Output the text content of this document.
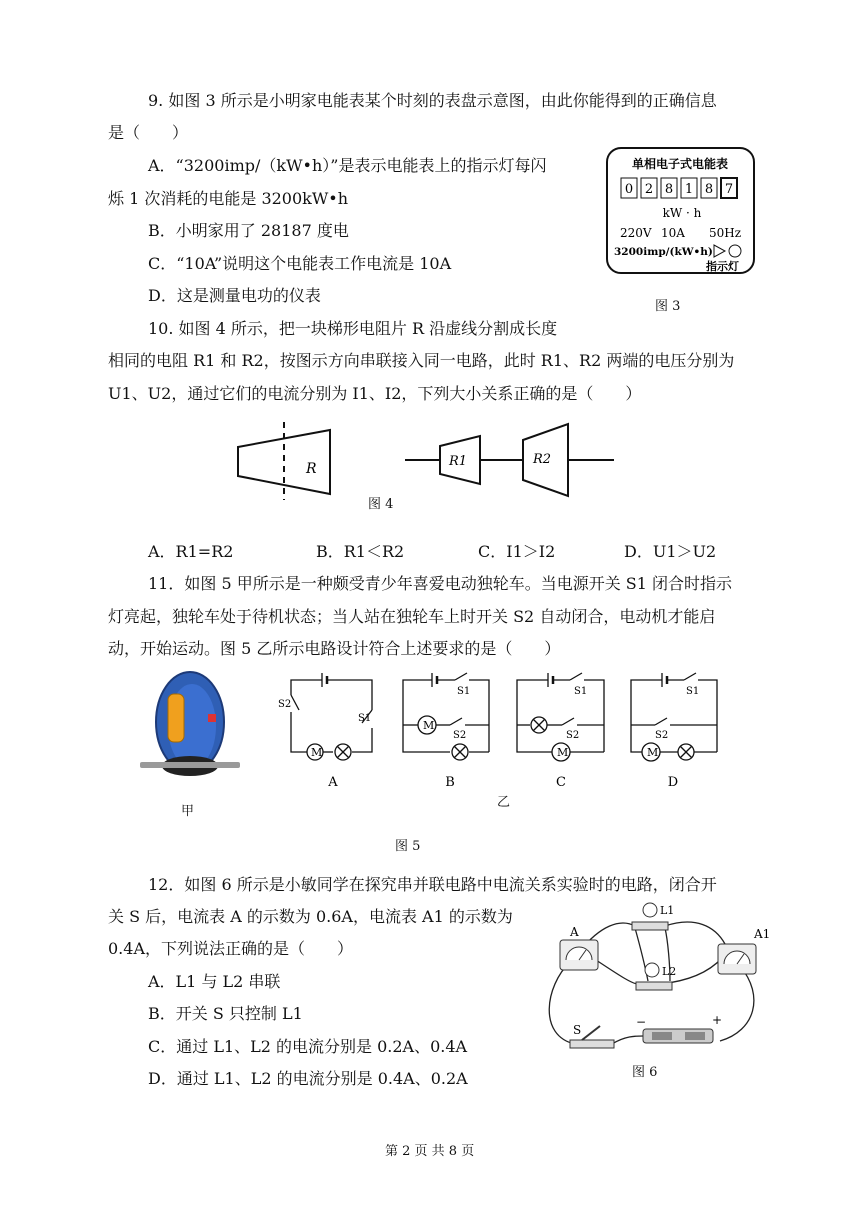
9. 如图 3 所示是小明家电能表某个时刻的表盘示意图，由此你能得到的正确信息
是（　　）
A．“3200imp/（kW•h）”是表示电能表上的指示灯每闪
烁 1 次消耗的电能是 3200kW•h
B．小明家用了 28187 度电
C．“10A”说明这个电能表工作电流是 10A
D．这是测量电功的仪表
单相电子式电能表
0 2 8 1 8 7
kW · h
220V 10A 50Hz
3200imp/(kW•h)
指示灯
图 3
10. 如图 4 所示，把一块梯形电阻片 R 沿虚线分割成长度
相同的电阻 R1 和 R2，按图示方向串联接入同一电路，此时 R1、R2 两端的电压分别为
U1、U2，通过它们的电流分别为 I1、I2，下列大小关系正确的是（　　）
R	R1	R2
图 4
A．R1=R2	B．R1＜R2	C．I1＞I2	D．U1＞U2
11．如图 5 甲所示是一种颇受青少年喜爱电动独轮车。当电源开关 S1 闭合时指示
灯亮起，独轮车处于待机状态；当人站在独轮车上时开关 S2 自动闭合，电动机才能启
动，开始运动。图 5 乙所示电路设计符合上述要求的是（　　）
甲
M
M
M	M
S2
S1
S1
S2
S1
S2
S1
S2
A	B	C	D
乙
图 5
12．如图 6 所示是小敏同学在探究串并联电路中电流关系实验时的电路，闭合开
关 S 后，电流表 A 的示数为 0.6A，电流表 A1 的示数为
0.4A，下列说法正确的是（　　）
A．L1 与 L2 串联
B．开关 S 只控制 L1
C．通过 L1、L2 的电流分别是 0.2A、0.4A
D．通过 L1、L2 的电流分别是 0.4A、0.2A
A	A1
L1
L2
S
−	+
图 6
第 2 页 共 8 页
